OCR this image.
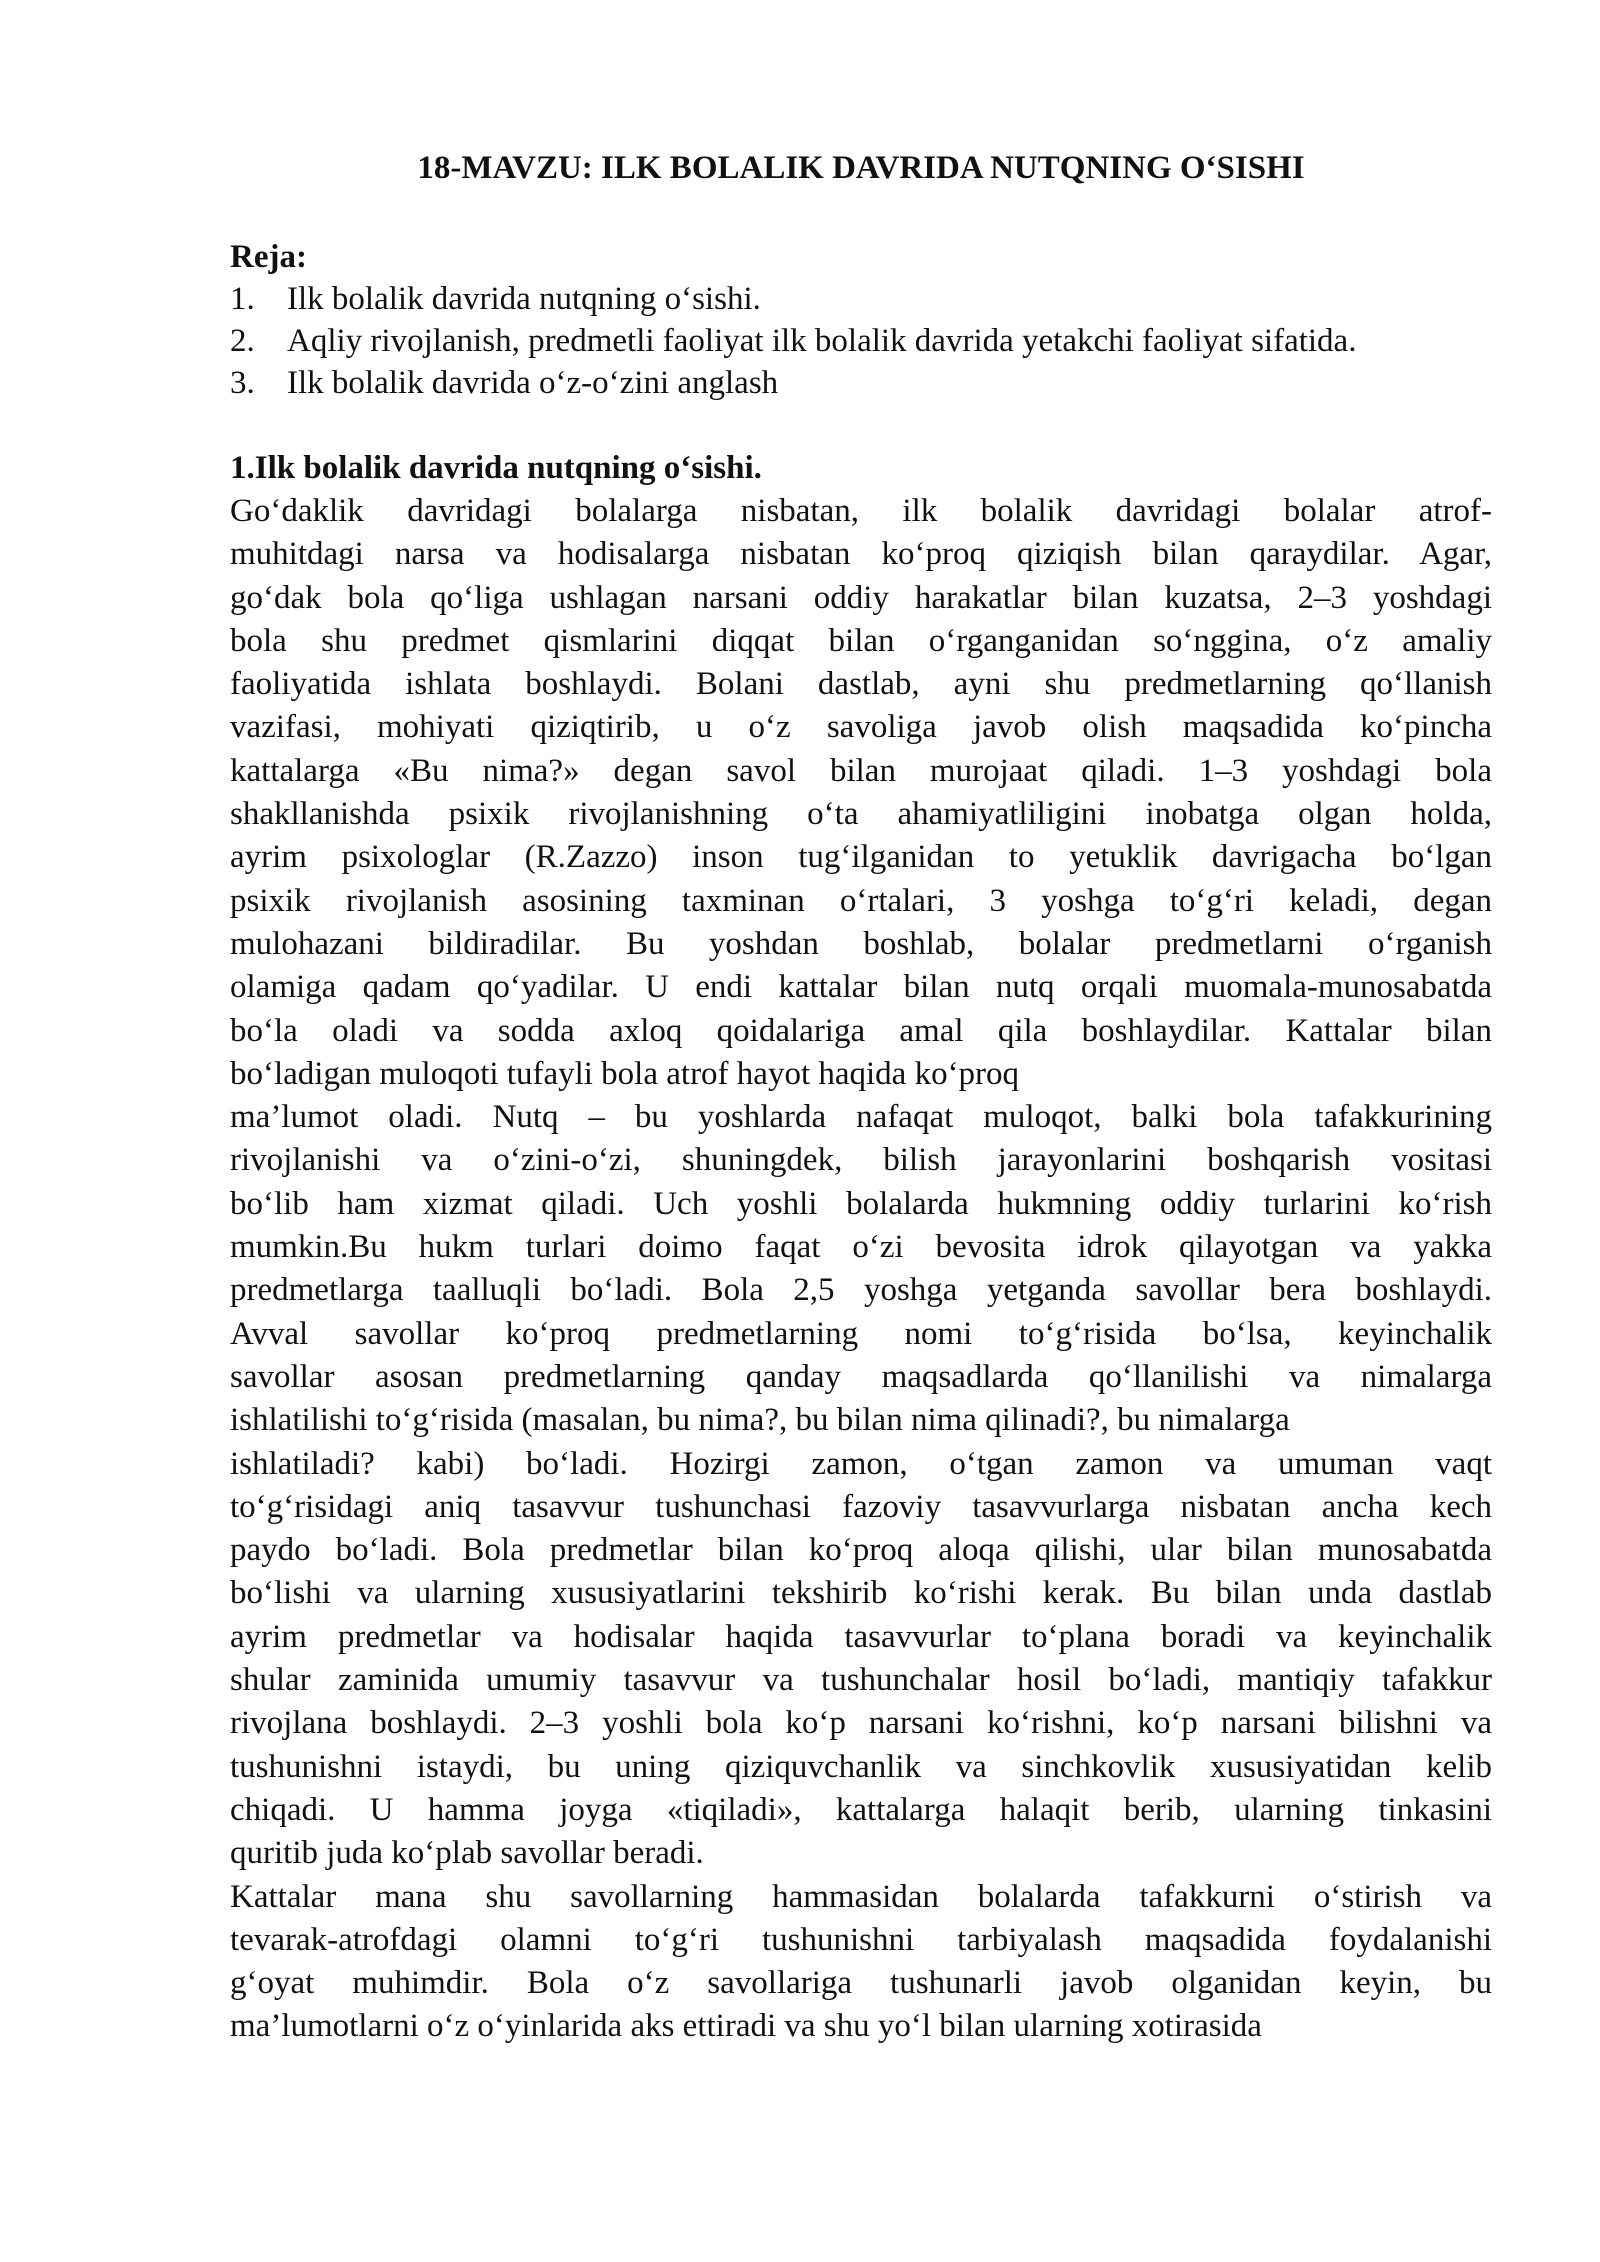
18-MAVZU: ILK BOLALIK DAVRIDA NUTQNING O‘SISHI

Reja:

1. Ilk bolalik davrida nutqning o‘sishi.
2. Aqliy rivojlanish, predmetli faoliyat ilk bolalik davrida yetakchi faoliyat sifatida.
3. Ilk bolalik davrida o‘z-o‘zini anglash
1.Ilk bolalik davrida nutqning o‘sishi.
Go‘daklik davridagi bolalarga nisbatan, ilk bolalik davridagi bolalar atrof-
muhitdagi narsa va hodisalarga nisbatan ko‘proq qiziqish bilan qaraydilar. Agar,
go‘dak bola qo‘liga ushlagan narsani oddiy harakatlar bilan kuzatsa, 2–3 yoshdagi
bola shu predmet qismlarini diqqat bilan o‘rganganidan so‘nggina, o‘z amaliy
faoliyatida ishlata boshlaydi. Bolani dastlab, ayni shu predmetlarning qo‘llanish
vazifasi, mohiyati qiziqtirib, u o‘z savoliga javob olish maqsadida ko‘pincha
kattalarga «Bu nima?» degan savol bilan murojaat qiladi. 1–3 yoshdagi bola
shakllanishda psixik rivojlanishning o‘ta ahamiyatliligini inobatga olgan holda,
ayrim psixologlar (R.Zazzo) inson tug‘ilganidan to yetuklik davrigacha bo‘lgan
psixik rivojlanish asosining taxminan o‘rtalari, 3 yoshga to‘g‘ri keladi, degan
mulohazani bildiradilar. Bu yoshdan boshlab, bolalar predmetlarni o‘rganish
olamiga qadam qo‘yadilar. U endi kattalar bilan nutq orqali muomala-munosabatda
bo‘la oladi va sodda axloq qoidalariga amal qila boshlaydilar. Kattalar bilan
bo‘ladigan muloqoti tufayli bola atrof hayot haqida ko‘proq
ma’lumot oladi. Nutq – bu yoshlarda nafaqat muloqot, balki bola tafakkurining
rivojlanishi va o‘zini-o‘zi, shuningdek, bilish jarayonlarini boshqarish vositasi
bo‘lib ham xizmat qiladi. Uch yoshli bolalarda hukmning oddiy turlarini ko‘rish
mumkin.Bu hukm turlari doimo faqat o‘zi bevosita idrok qilayotgan va yakka
predmetlarga taalluqli bo‘ladi. Bola 2,5 yoshga yetganda savollar bera boshlaydi.
Avval savollar ko‘proq predmetlarning nomi to‘g‘risida bo‘lsa, keyinchalik
savollar asosan predmetlarning qanday maqsadlarda qo‘llanilishi va nimalarga
ishlatilishi to‘g‘risida (masalan, bu nima?, bu bilan nima qilinadi?, bu nimalarga
ishlatiladi? kabi) bo‘ladi. Hozirgi zamon, o‘tgan zamon va umuman vaqt
to‘g‘risidagi aniq tasavvur tushunchasi fazoviy tasavvurlarga nisbatan ancha kech
paydo bo‘ladi. Bola predmetlar bilan ko‘proq aloqa qilishi, ular bilan munosabatda
bo‘lishi va ularning xususiyatlarini tekshirib ko‘rishi kerak. Bu bilan unda dastlab
ayrim predmetlar va hodisalar haqida tasavvurlar to‘plana boradi va keyinchalik
shular zaminida umumiy tasavvur va tushunchalar hosil bo‘ladi, mantiqiy tafakkur
rivojlana boshlaydi. 2–3 yoshli bola ko‘p narsani ko‘rishni, ko‘p narsani bilishni va
tushunishni istaydi, bu uning qiziquvchanlik va sinchkovlik xususiyatidan kelib
chiqadi. U hamma joyga «tiqiladi», kattalarga halaqit berib, ularning tinkasini
quritib juda ko‘plab savollar beradi.
Kattalar mana shu savollarning hammasidan bolalarda tafakkurni o‘stirish va
tevarak-atrofdagi olamni to‘g‘ri tushunishni tarbiyalash maqsadida foydalanishi
g‘oyat muhimdir. Bola o‘z savollariga tushunarli javob olganidan keyin, bu
ma’lumotlarni o‘z o‘yinlarida aks ettiradi va shu yo‘l bilan ularning xotirasida
